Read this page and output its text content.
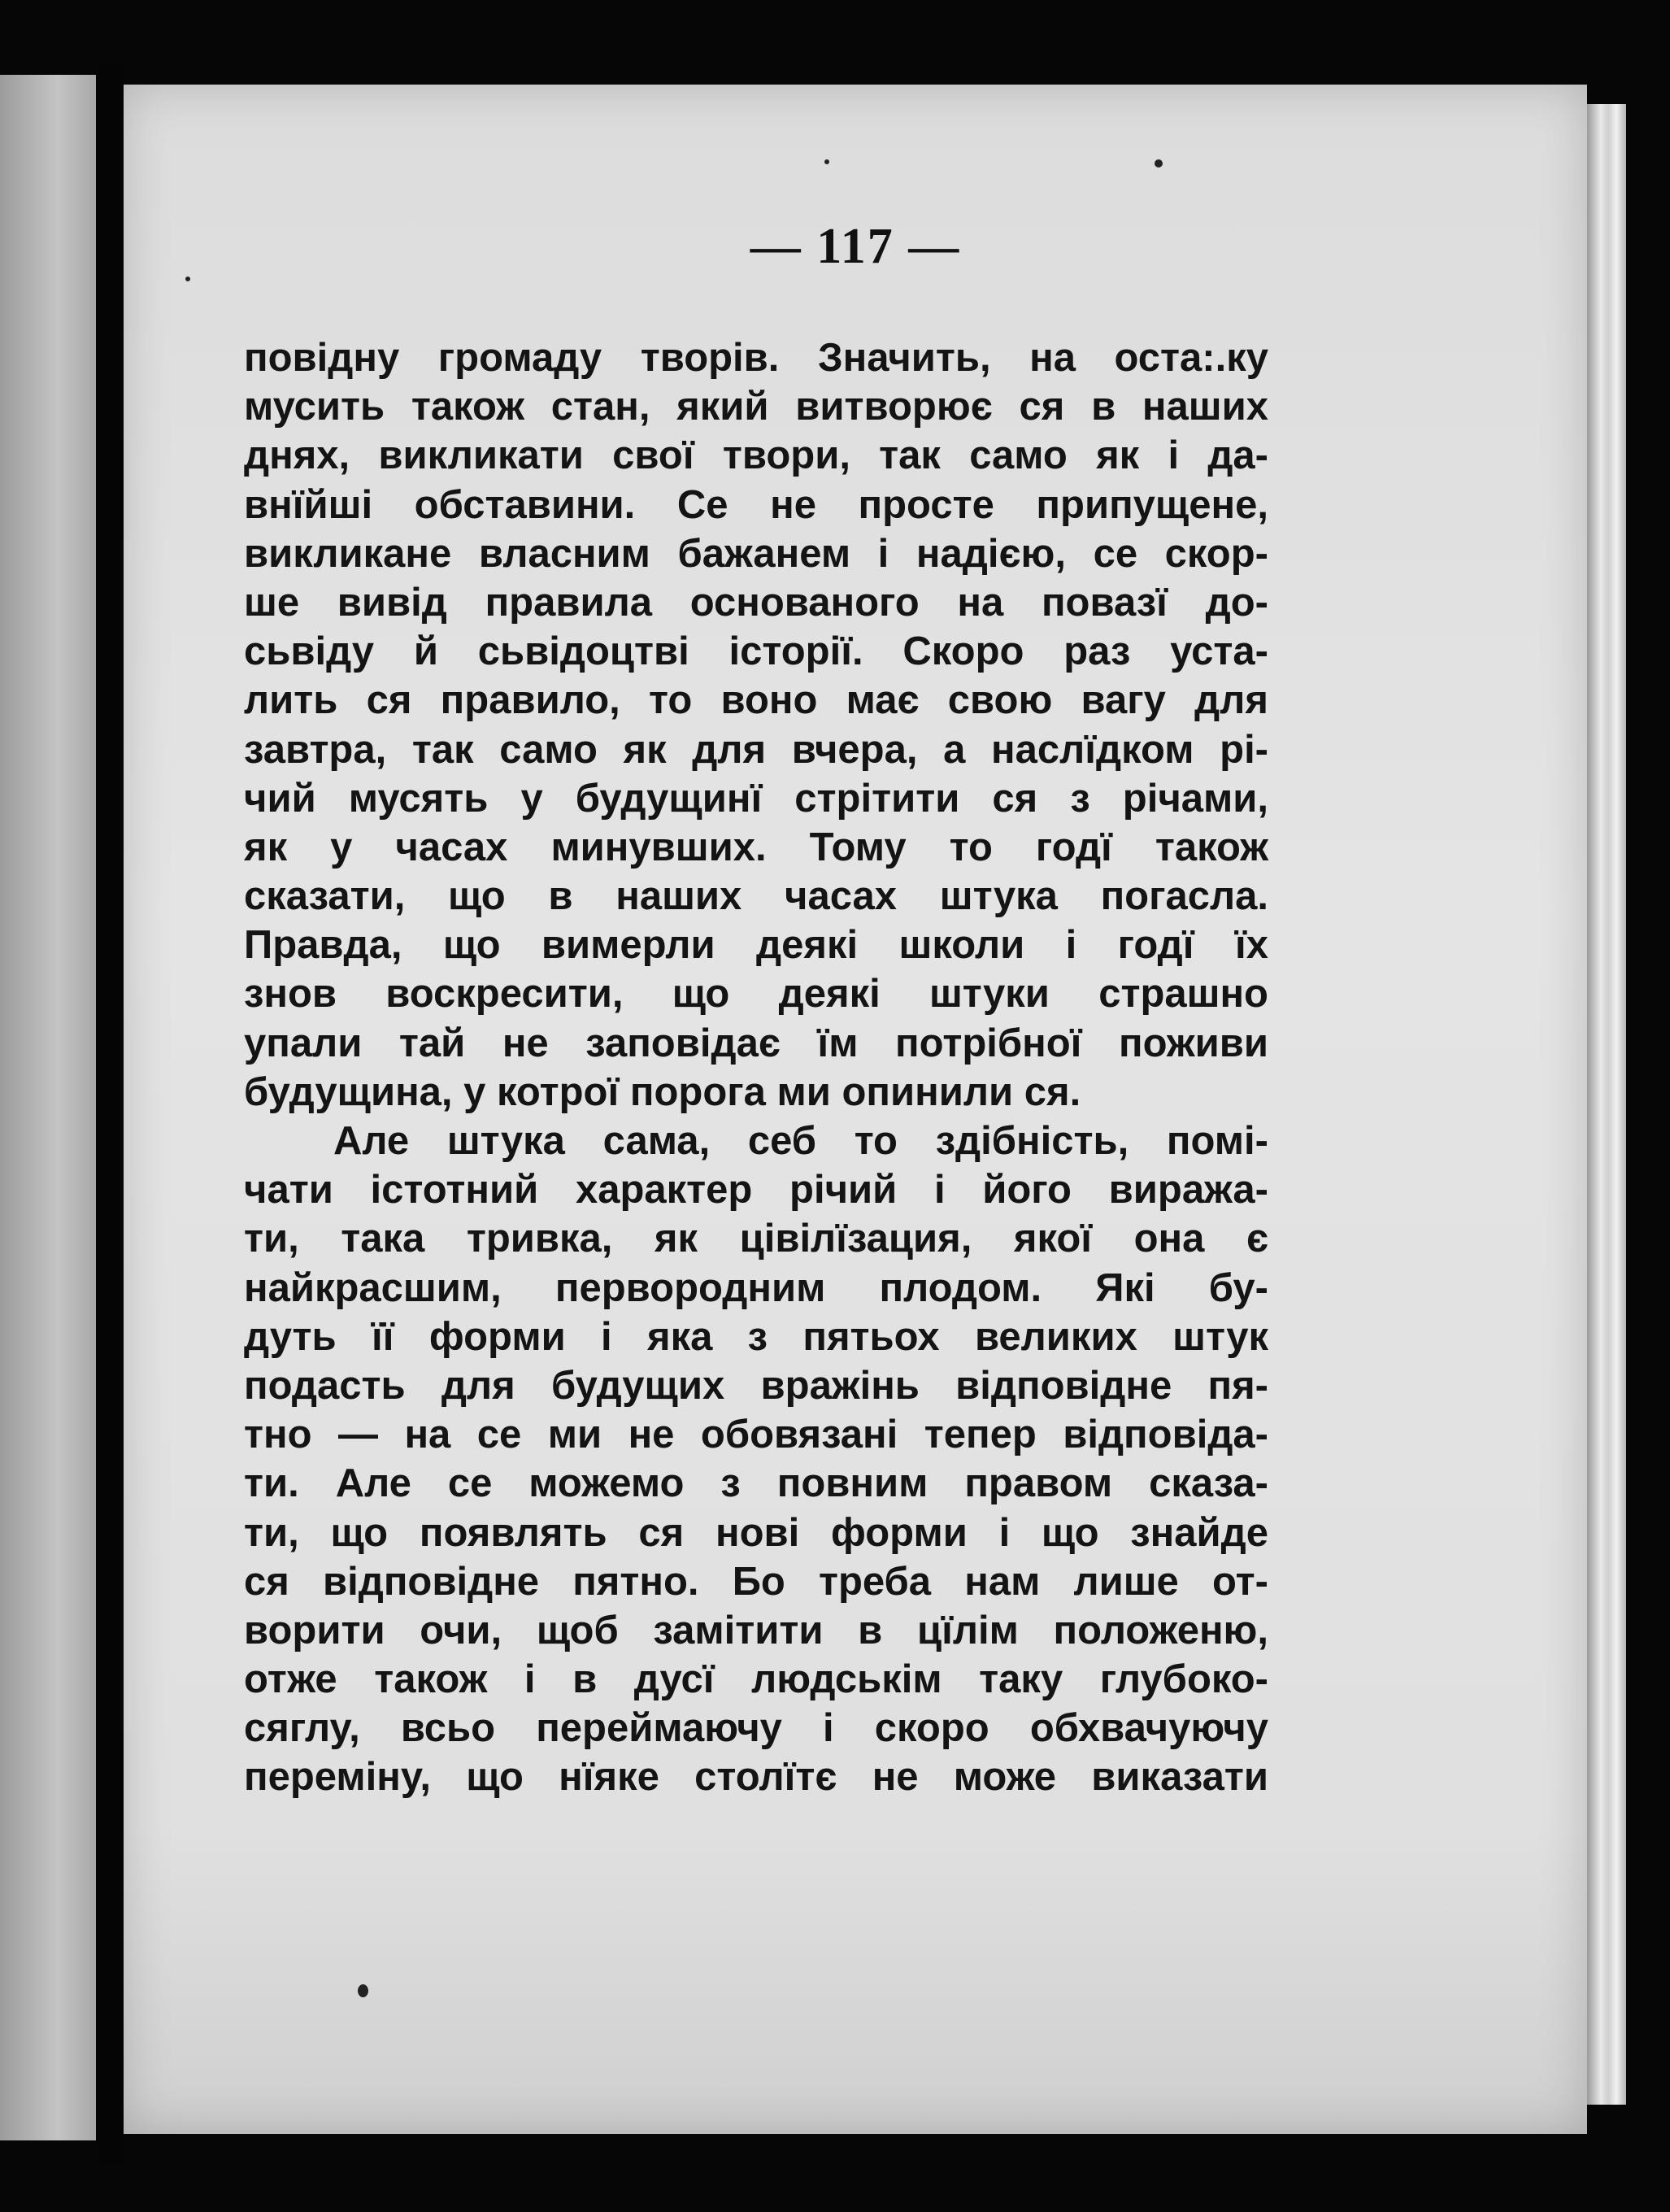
— 117 —
повідну громаду творів. Значить, на оста:.ку
мусить також стан, який витворює ся в наших
днях, викликати свої твори, так само як і да-
внїйші обставини. Се не просте припущене,
викликане власним бажанем і надією, се скор-
ше вивід правила основаного на повазї до-
сьвіду й сьвідоцтві історії. Скоро раз уста-
лить ся правило, то воно має свою вагу для
завтра, так само як для вчера, а наслїдком рі-
чий мусять у будущинї стрітити ся з річами,
як у часах минувших. Тому то годї також
сказати, що в наших часах штука погасла.
Правда, що вимерли деякі школи і годї їх
знов воскресити, що деякі штуки страшно
упали тай не заповідає їм потрібної поживи
будущина, у котрої порога ми опинили ся.
Але штука сама, себ то здібність, помі-
чати істотний характер річий і його виража-
ти, така тривка, як цівілїзация, якої она є
найкрасшим, первородним плодом. Які бу-
дуть її форми і яка з пятьох великих штук
подасть для будущих вражінь відповідне пя-
тно — на се ми не обовязані тепер відповіда-
ти. Але се можемо з повним правом сказа-
ти, що появлять ся нові форми і що знайде
ся відповідне пятно. Бо треба нам лише от-
ворити очи, щоб замітити в цїлім положеню,
отже також і в дусї людськім таку глубоко-
сяглу, всьо переймаючу і скоро обхвачуючу
переміну, що нїяке столїтє не може виказати
